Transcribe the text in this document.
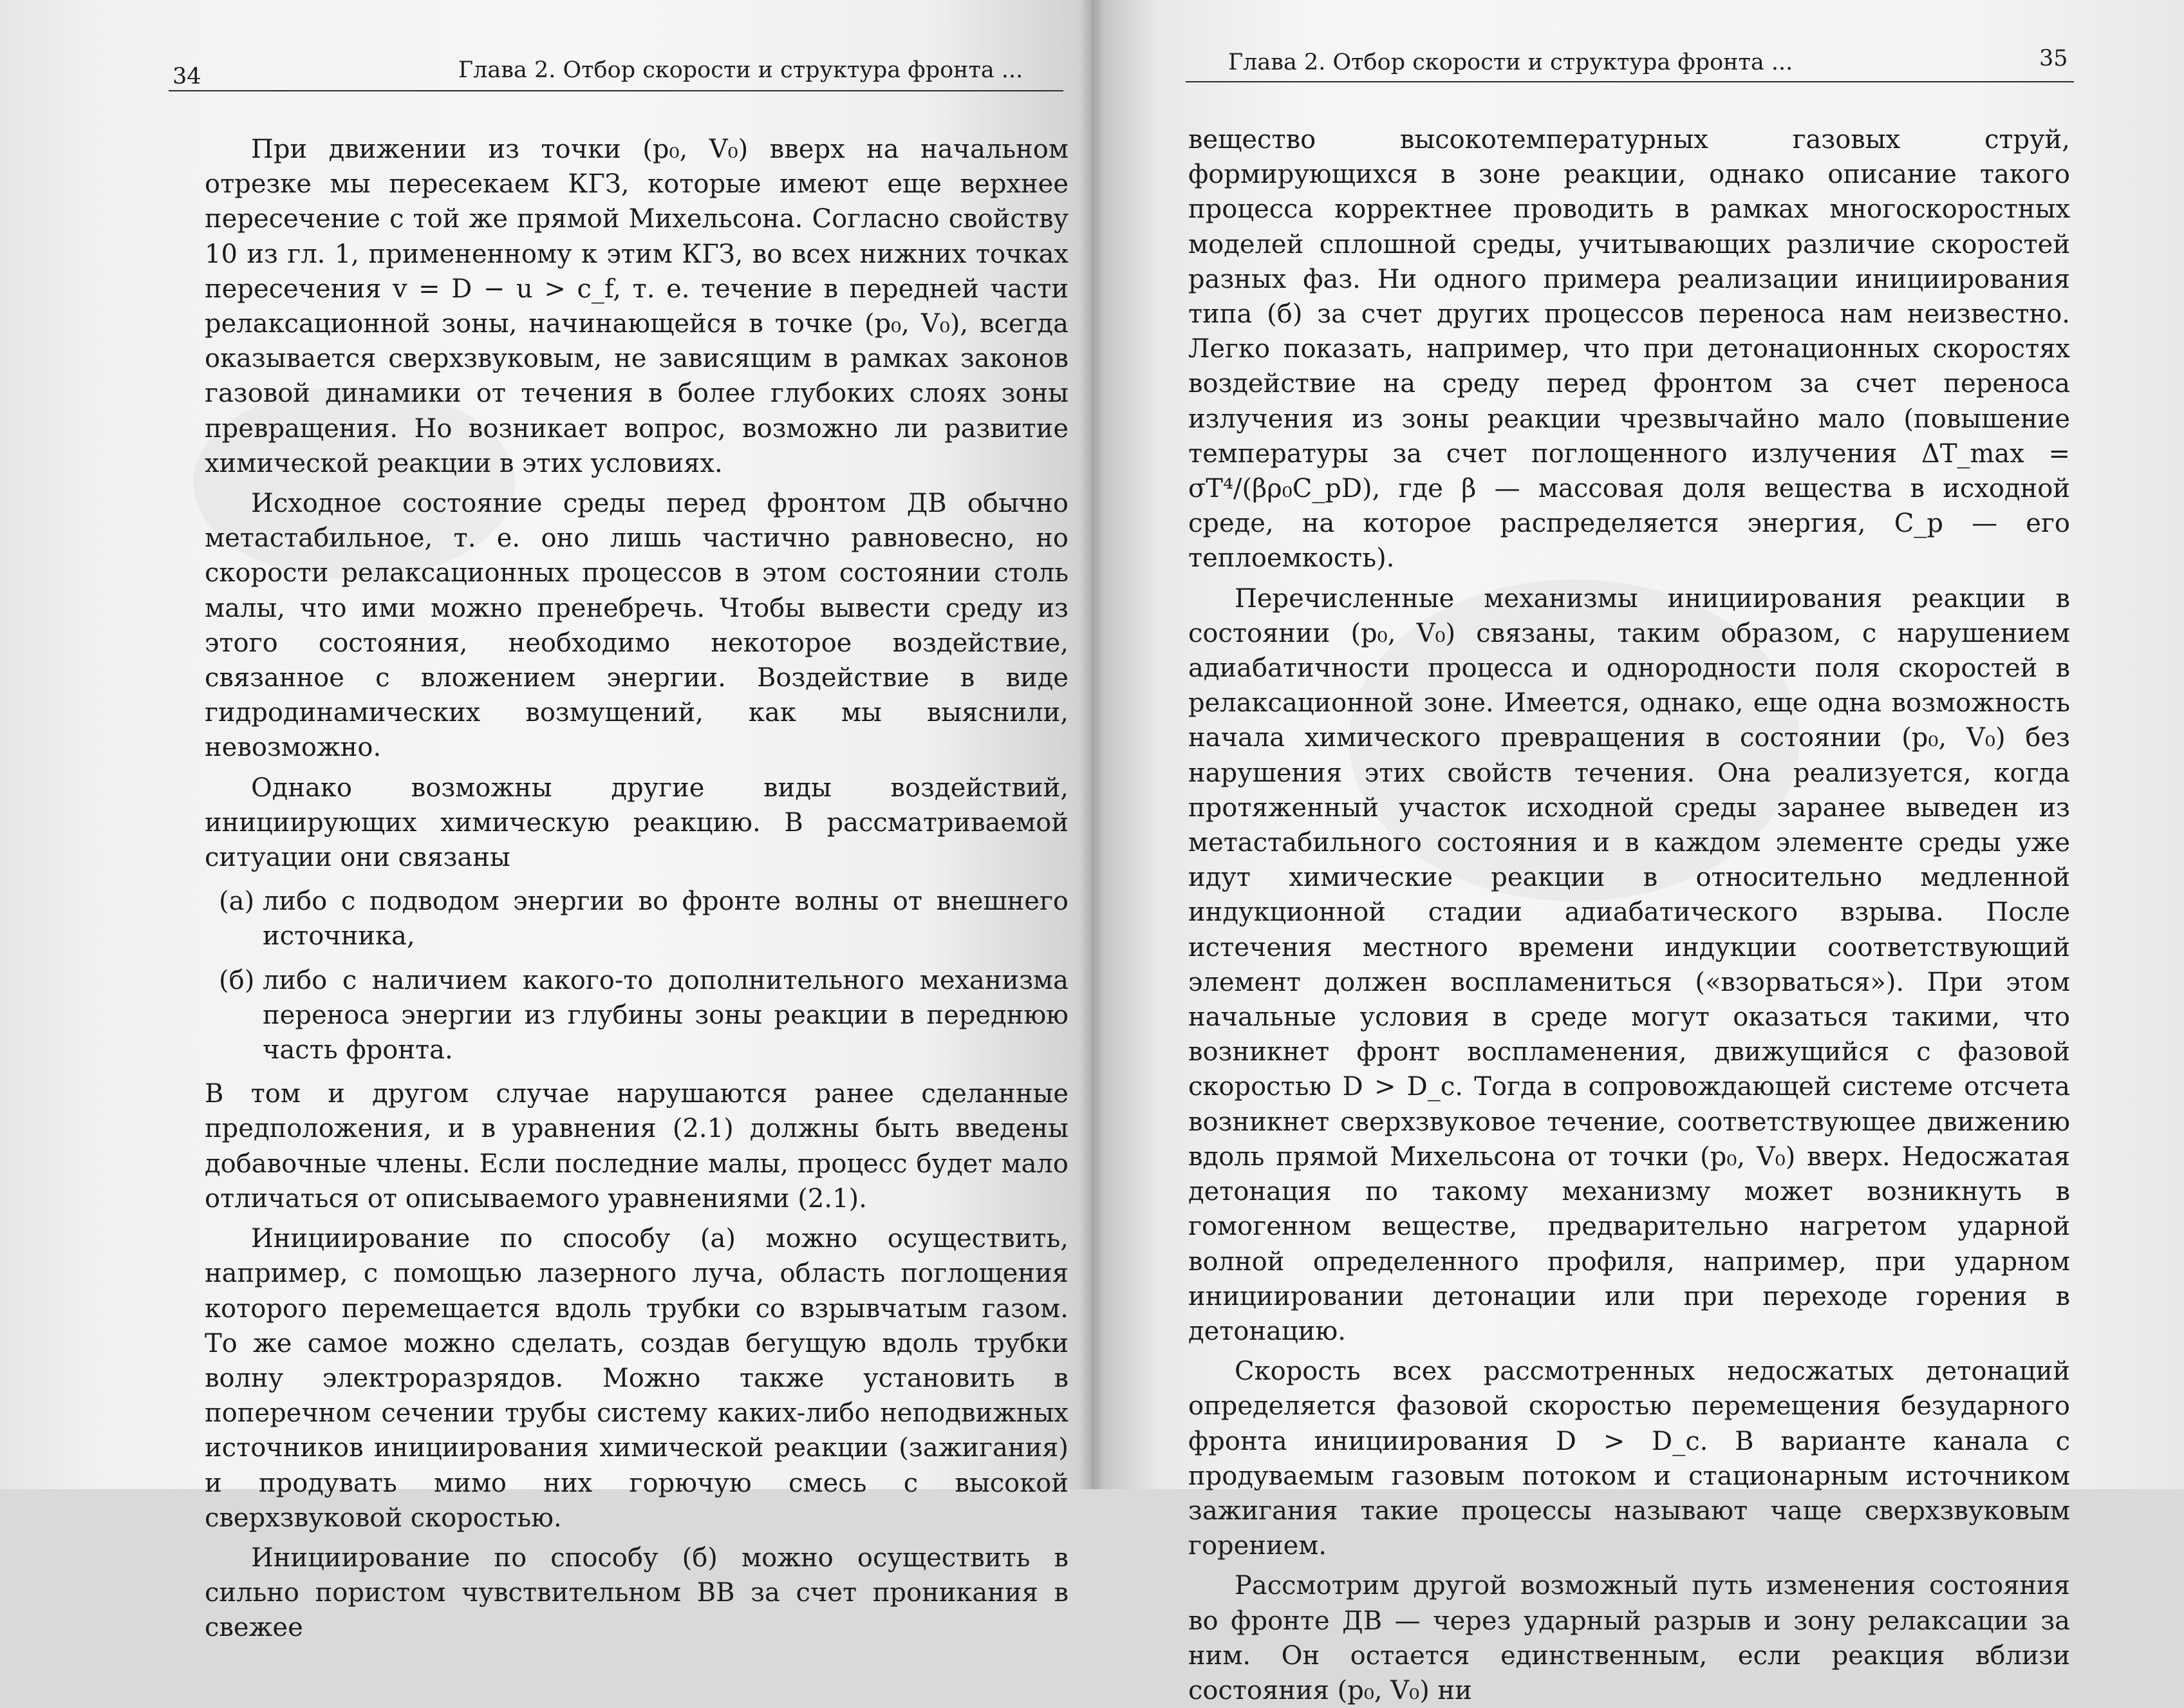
34	Глава 2. Отбор скорости и структура фронта ...

При движении из точки (p₀, V₀) вверх на начальном отрезке мы пересекаем КГЗ, которые имеют еще верхнее пересечение с той же прямой Михельсона. Согласно свойству 10 из гл. 1, примененному к этим КГЗ, во всех нижних точках пересечения v = D − u > c_f, т. е. течение в передней части релаксационной зоны, начинающейся в точке (p₀, V₀), всегда оказывается сверхзвуковым, не зависящим в рамках законов газовой динамики от течения в более глубоких слоях зоны превращения. Но возникает вопрос, возможно ли развитие химической реакции в этих условиях.

Исходное состояние среды перед фронтом ДВ обычно метастабильное, т. е. оно лишь частично равновесно, но скорости релаксационных процессов в этом состоянии столь малы, что ими можно пренебречь. Чтобы вывести среду из этого состояния, необходимо некоторое воздействие, связанное с вложением энергии. Воздействие в виде гидродинамических возмущений, как мы выяснили, невозможно.

Однако возможны другие виды воздействий, инициирующих химическую реакцию. В рассматриваемой ситуации они связаны

(а) либо с подводом энергии во фронте волны от внешнего источника,

(б) либо с наличием какого-то дополнительного механизма переноса энергии из глубины зоны реакции в переднюю часть фронта.

В том и другом случае нарушаются ранее сделанные предположения, и в уравнения (2.1) должны быть введены добавочные члены. Если последние малы, процесс будет мало отличаться от описываемого уравнениями (2.1).

Инициирование по способу (а) можно осуществить, например, с помощью лазерного луча, область поглощения которого перемещается вдоль трубки со взрывчатым газом. То же самое можно сделать, создав бегущую вдоль трубки волну электроразрядов. Можно также установить в поперечном сечении трубы систему каких-либо неподвижных источников инициирования химической реакции (зажигания) и продувать мимо них горючую смесь с высокой сверхзвуковой скоростью.

Инициирование по способу (б) можно осуществить в сильно пористом чувствительном ВВ за счет проникания в свежее

Глава 2. Отбор скорости и структура фронта ...	35

вещество высокотемпературных газовых струй, формирующихся в зоне реакции, однако описание такого процесса корректнее проводить в рамках многоскоростных моделей сплошной среды, учитывающих различие скоростей разных фаз. Ни одного примера реализации инициирования типа (б) за счет других процессов переноса нам неизвестно. Легко показать, например, что при детонационных скоростях воздействие на среду перед фронтом за счет переноса излучения из зоны реакции чрезвычайно мало (повышение температуры за счет поглощенного излучения ΔT_max = σT⁴/(βρ₀C_pD), где β — массовая доля вещества в исходной среде, на которое распределяется энергия, C_p — его теплоемкость).

Перечисленные механизмы инициирования реакции в состоянии (p₀, V₀) связаны, таким образом, с нарушением адиабатичности процесса и однородности поля скоростей в релаксационной зоне. Имеется, однако, еще одна возможность начала химического превращения в состоянии (p₀, V₀) без нарушения этих свойств течения. Она реализуется, когда протяженный участок исходной среды заранее выведен из метастабильного состояния и в каждом элементе среды уже идут химические реакции в относительно медленной индукционной стадии адиабатического взрыва. После истечения местного времени индукции соответствующий элемент должен воспламениться («взорваться»). При этом начальные условия в среде могут оказаться такими, что возникнет фронт воспламенения, движущийся с фазовой скоростью D > D_c. Тогда в сопровождающей системе отсчета возникнет сверхзвуковое течение, соответствующее движению вдоль прямой Михельсона от точки (p₀, V₀) вверх. Недосжатая детонация по такому механизму может возникнуть в гомогенном веществе, предварительно нагретом ударной волной определенного профиля, например, при ударном инициировании детонации или при переходе горения в детонацию.

Скорость всех рассмотренных недосжатых детонаций определяется фазовой скоростью перемещения безударного фронта инициирования D > D_c. В варианте канала с продуваемым газовым потоком и стационарным источником зажигания такие процессы называют чаще сверхзвуковым горением.

Рассмотрим другой возможный путь изменения состояния во фронте ДВ — через ударный разрыв и зону релаксации за ним. Он остается единственным, если реакция вблизи состояния (p₀, V₀) ни
